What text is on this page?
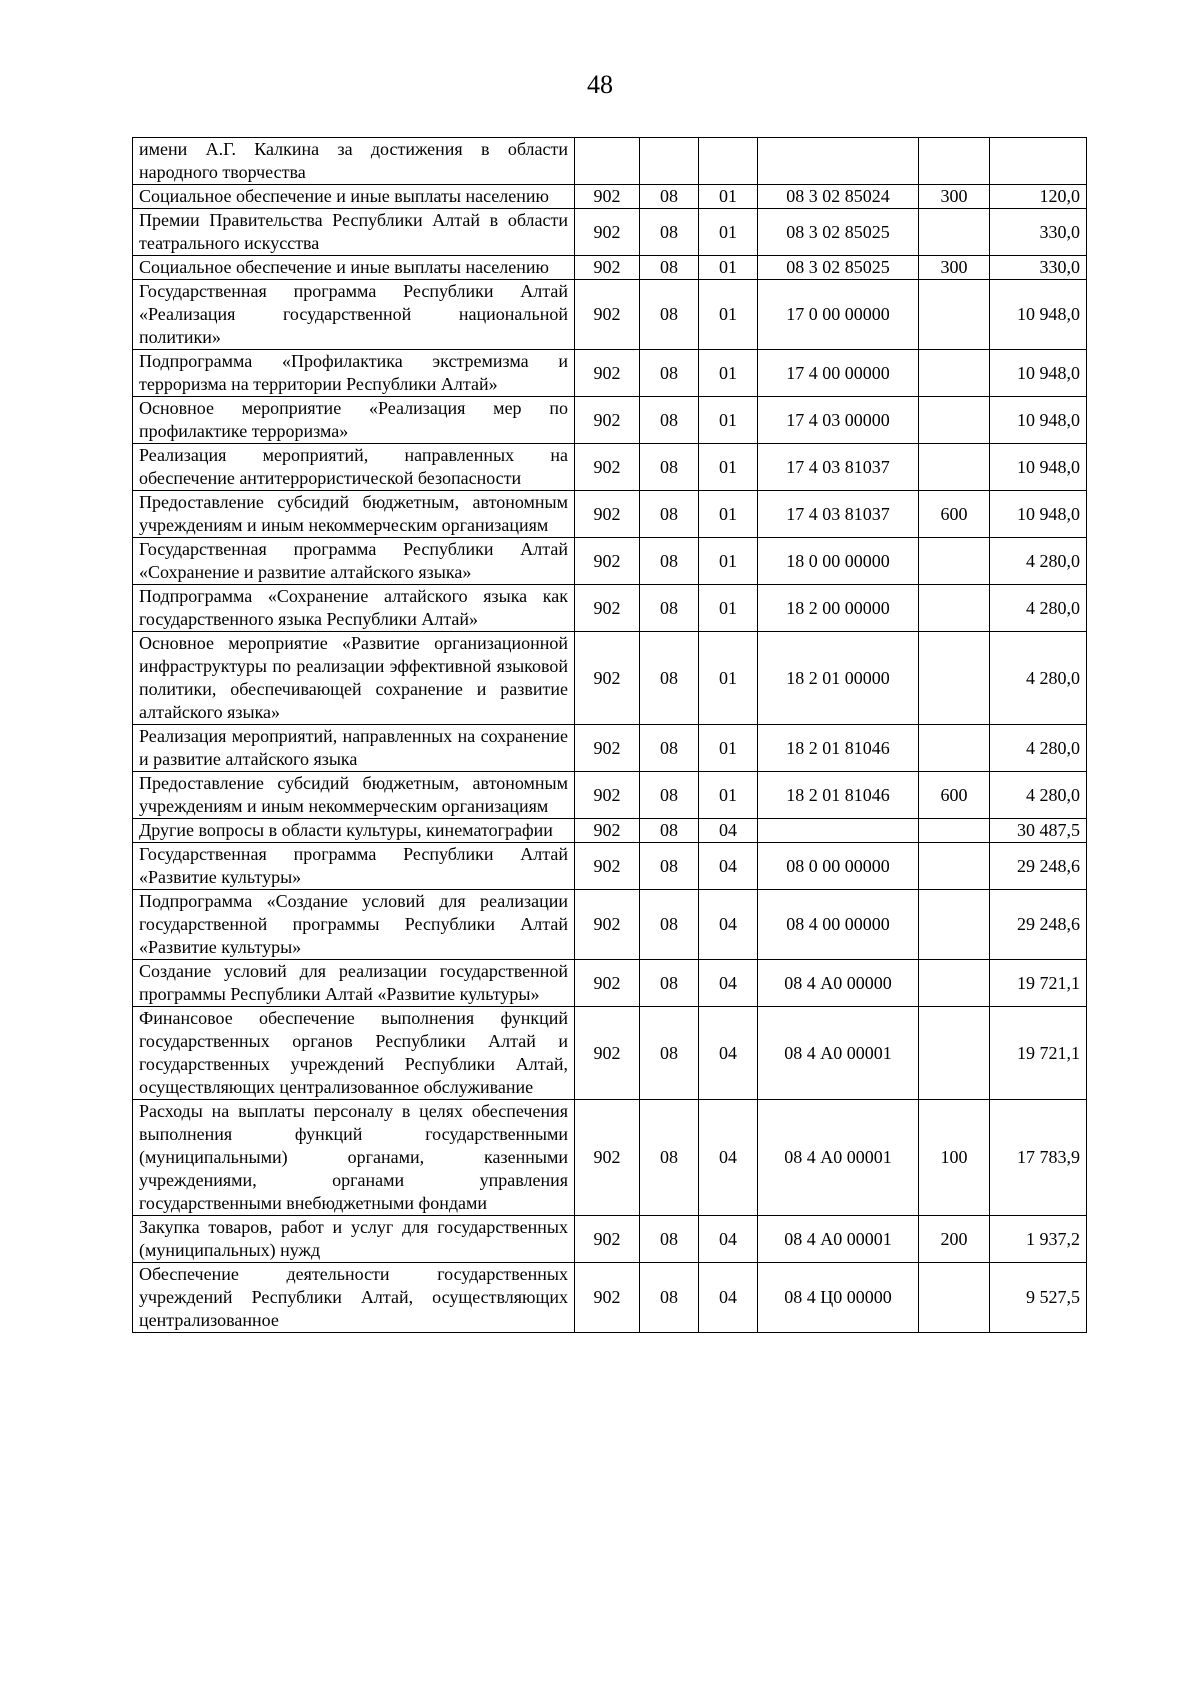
48
имени А.Г. Калкина за достижения в области народного творчества						
Социальное обеспечение и иные выплаты населению	902	08	01	08 3 02 85024	300	120,0
Премии Правительства Республики Алтай в области театрального искусства	902	08	01	08 3 02 85025		330,0
Социальное обеспечение и иные выплаты населению	902	08	01	08 3 02 85025	300	330,0
Государственная программа Республики Алтай «Реализация государственной национальной политики»	902	08	01	17 0 00 00000		10 948,0
Подпрограмма «Профилактика экстремизма и терроризма на территории Республики Алтай»	902	08	01	17 4 00 00000		10 948,0
Основное мероприятие «Реализация мер по профилактике терроризма»	902	08	01	17 4 03 00000		10 948,0
Реализация мероприятий, направленных на обеспечение антитеррористической безопасности	902	08	01	17 4 03 81037		10 948,0
Предоставление субсидий бюджетным, автономным учреждениям и иным некоммерческим организациям	902	08	01	17 4 03 81037	600	10 948,0
Государственная программа Республики Алтай «Сохранение и развитие алтайского языка»	902	08	01	18 0 00 00000		4 280,0
Подпрограмма «Сохранение алтайского языка как государственного языка Республики Алтай»	902	08	01	18 2 00 00000		4 280,0
Основное мероприятие «Развитие организационной инфраструктуры по реализации эффективной языковой политики, обеспечивающей сохранение и развитие алтайского языка»	902	08	01	18 2 01 00000		4 280,0
Реализация мероприятий, направленных на сохранение и развитие алтайского языка	902	08	01	18 2 01 81046		4 280,0
Предоставление субсидий бюджетным, автономным учреждениям и иным некоммерческим организациям	902	08	01	18 2 01 81046	600	4 280,0
Другие вопросы в области культуры, кинематографии	902	08	04			30 487,5
Государственная программа Республики Алтай «Развитие культуры»	902	08	04	08 0 00 00000		29 248,6
Подпрограмма «Создание условий для реализации государственной программы Республики Алтай «Развитие культуры»	902	08	04	08 4 00 00000		29 248,6
Создание условий для реализации государственной программы Республики Алтай «Развитие культуры»	902	08	04	08 4 А0 00000		19 721,1
Финансовое обеспечение выполнения функций государственных органов Республики Алтай и государственных учреждений Республики Алтай, осуществляющих централизованное обслуживание	902	08	04	08 4 А0 00001		19 721,1
Расходы на выплаты персоналу в целях обеспечения выполнения функций государственными (муниципальными) органами, казенными учреждениями, органами управления государственными внебюджетными фондами	902	08	04	08 4 А0 00001	100	17 783,9
Закупка товаров, работ и услуг для государственных (муниципальных) нужд	902	08	04	08 4 А0 00001	200	1 937,2
Обеспечение деятельности государственных учреждений Республики Алтай, осуществляющих централизованное	902	08	04	08 4 Ц0 00000		9 527,5
